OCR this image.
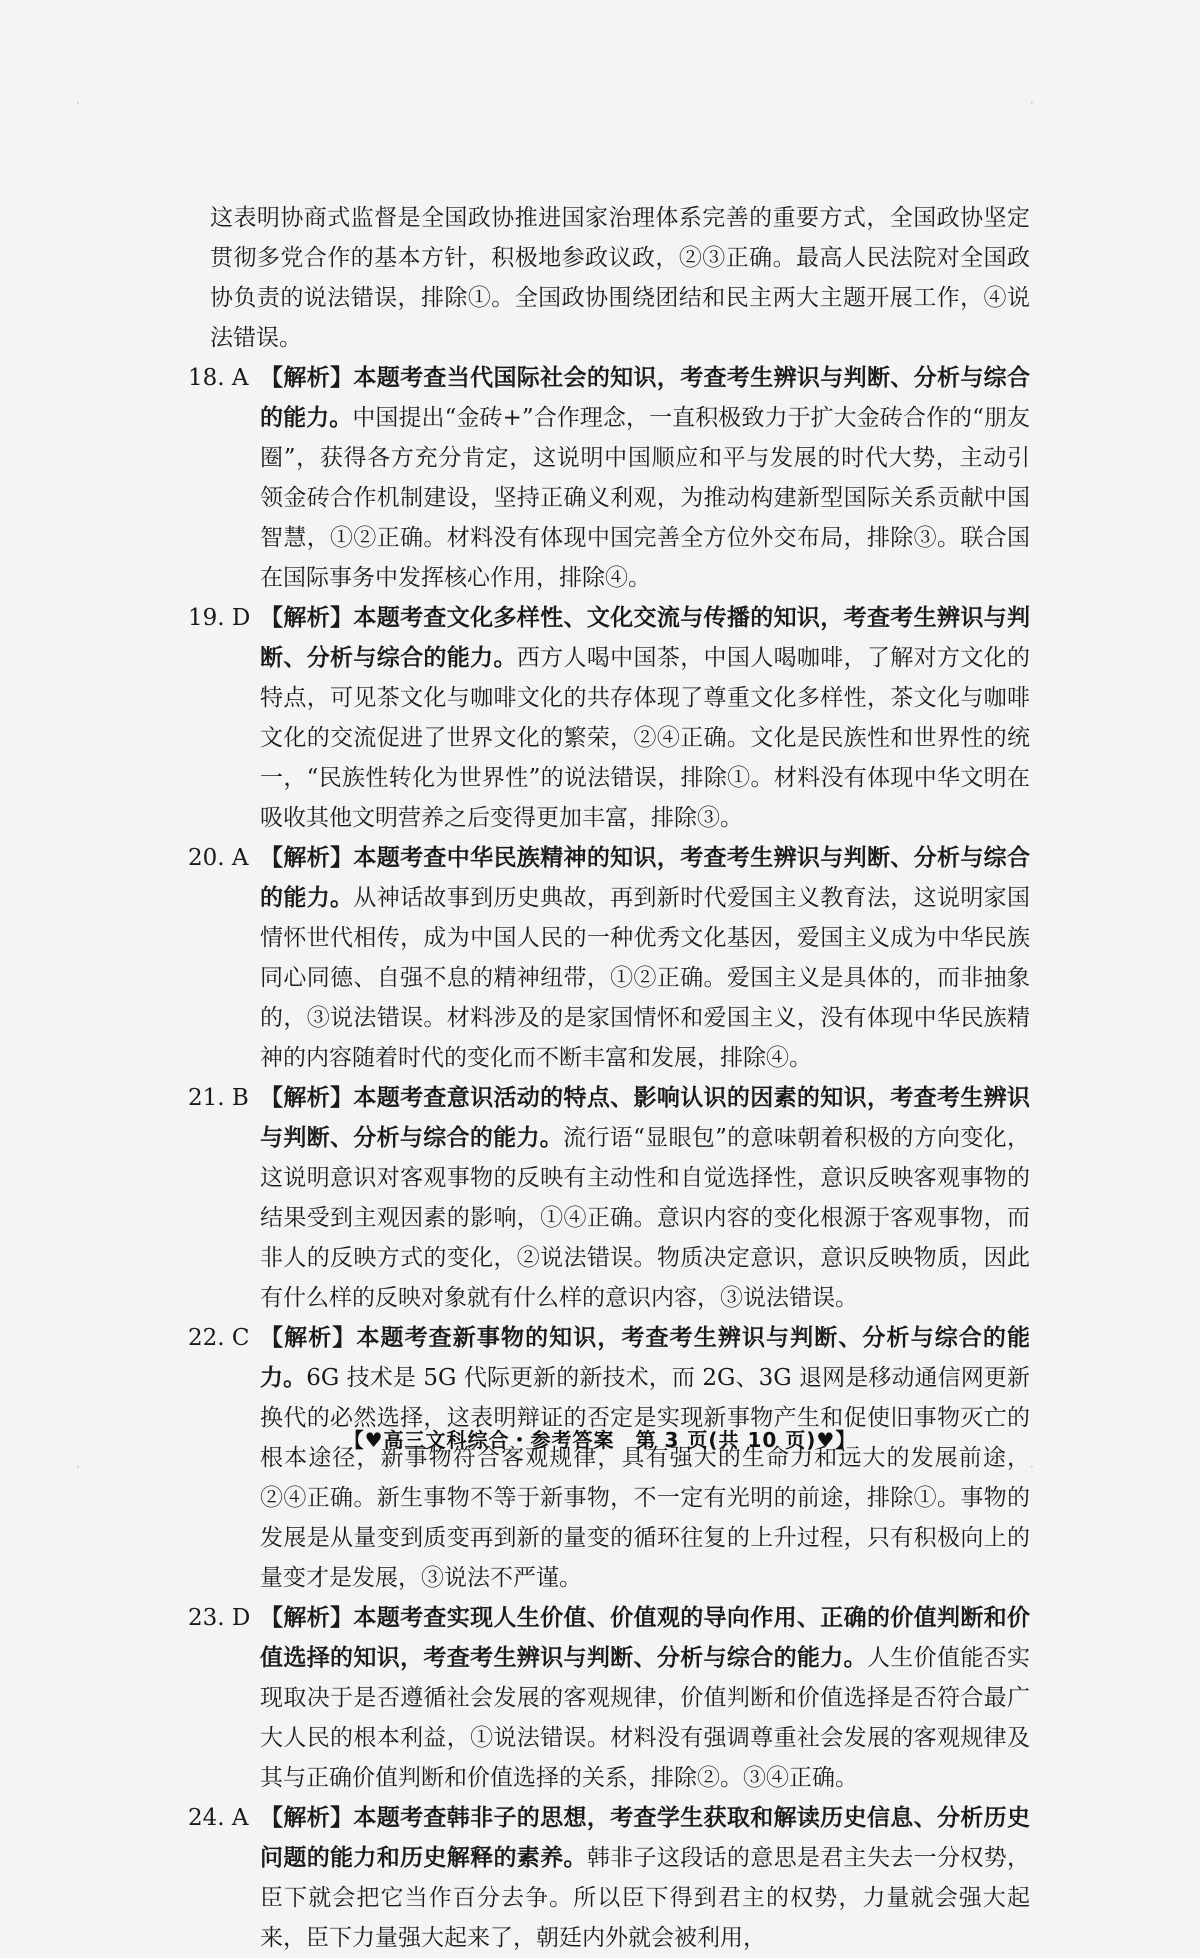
·	·
·	·

这表明协商式监督是全国政协推进国家治理体系完善的重要方式，全国政协坚定贯彻多党合作的基本方针，积极地参政议政，②③正确。最高人民法院对全国政协负责的说法错误，排除①。全国政协围绕团结和民主两大主题开展工作，④说法错误。

18. A 【解析】本题考查当代国际社会的知识，考查考生辨识与判断、分析与综合的能力。中国提出“金砖+”合作理念，一直积极致力于扩大金砖合作的“朋友圈”，获得各方充分肯定，这说明中国顺应和平与发展的时代大势，主动引领金砖合作机制建设，坚持正确义利观，为推动构建新型国际关系贡献中国智慧，①②正确。材料没有体现中国完善全方位外交布局，排除③。联合国在国际事务中发挥核心作用，排除④。
19. D 【解析】本题考查文化多样性、文化交流与传播的知识，考查考生辨识与判断、分析与综合的能力。西方人喝中国茶，中国人喝咖啡，了解对方文化的特点，可见茶文化与咖啡文化的共存体现了尊重文化多样性，茶文化与咖啡文化的交流促进了世界文化的繁荣，②④正确。文化是民族性和世界性的统一，“民族性转化为世界性”的说法错误，排除①。材料没有体现中华文明在吸收其他文明营养之后变得更加丰富，排除③。
20. A 【解析】本题考查中华民族精神的知识，考查考生辨识与判断、分析与综合的能力。从神话故事到历史典故，再到新时代爱国主义教育法，这说明家国情怀世代相传，成为中国人民的一种优秀文化基因，爱国主义成为中华民族同心同德、自强不息的精神纽带，①②正确。爱国主义是具体的，而非抽象的，③说法错误。材料涉及的是家国情怀和爱国主义，没有体现中华民族精神的内容随着时代的变化而不断丰富和发展，排除④。
21. B 【解析】本题考查意识活动的特点、影响认识的因素的知识，考查考生辨识与判断、分析与综合的能力。流行语“显眼包”的意味朝着积极的方向变化，这说明意识对客观事物的反映有主动性和自觉选择性，意识反映客观事物的结果受到主观因素的影响，①④正确。意识内容的变化根源于客观事物，而非人的反映方式的变化，②说法错误。物质决定意识，意识反映物质，因此有什么样的反映对象就有什么样的意识内容，③说法错误。
22. C 【解析】本题考查新事物的知识，考查考生辨识与判断、分析与综合的能力。6G 技术是 5G 代际更新的新技术，而 2G、3G 退网是移动通信网更新换代的必然选择，这表明辩证的否定是实现新事物产生和促使旧事物灭亡的根本途径，新事物符合客观规律，具有强大的生命力和远大的发展前途，②④正确。新生事物不等于新事物，不一定有光明的前途，排除①。事物的发展是从量变到质变再到新的量变的循环往复的上升过程，只有积极向上的量变才是发展，③说法不严谨。
23. D 【解析】本题考查实现人生价值、价值观的导向作用、正确的价值判断和价值选择的知识，考查考生辨识与判断、分析与综合的能力。人生价值能否实现取决于是否遵循社会发展的客观规律，价值判断和价值选择是否符合最广大人民的根本利益，①说法错误。材料没有强调尊重社会发展的客观规律及其与正确价值判断和价值选择的关系，排除②。③④正确。
24. A 【解析】本题考查韩非子的思想，考查学生获取和解读历史信息、分析历史问题的能力和历史解释的素养。韩非子这段话的意思是君主失去一分权势，臣下就会把它当作百分去争。所以臣下得到君主的权势，力量就会强大起来，臣下力量强大起来了，朝廷内外就会被利用，
【♥高三文科综合・参考答案　第 3 页(共 10 页)♥】
